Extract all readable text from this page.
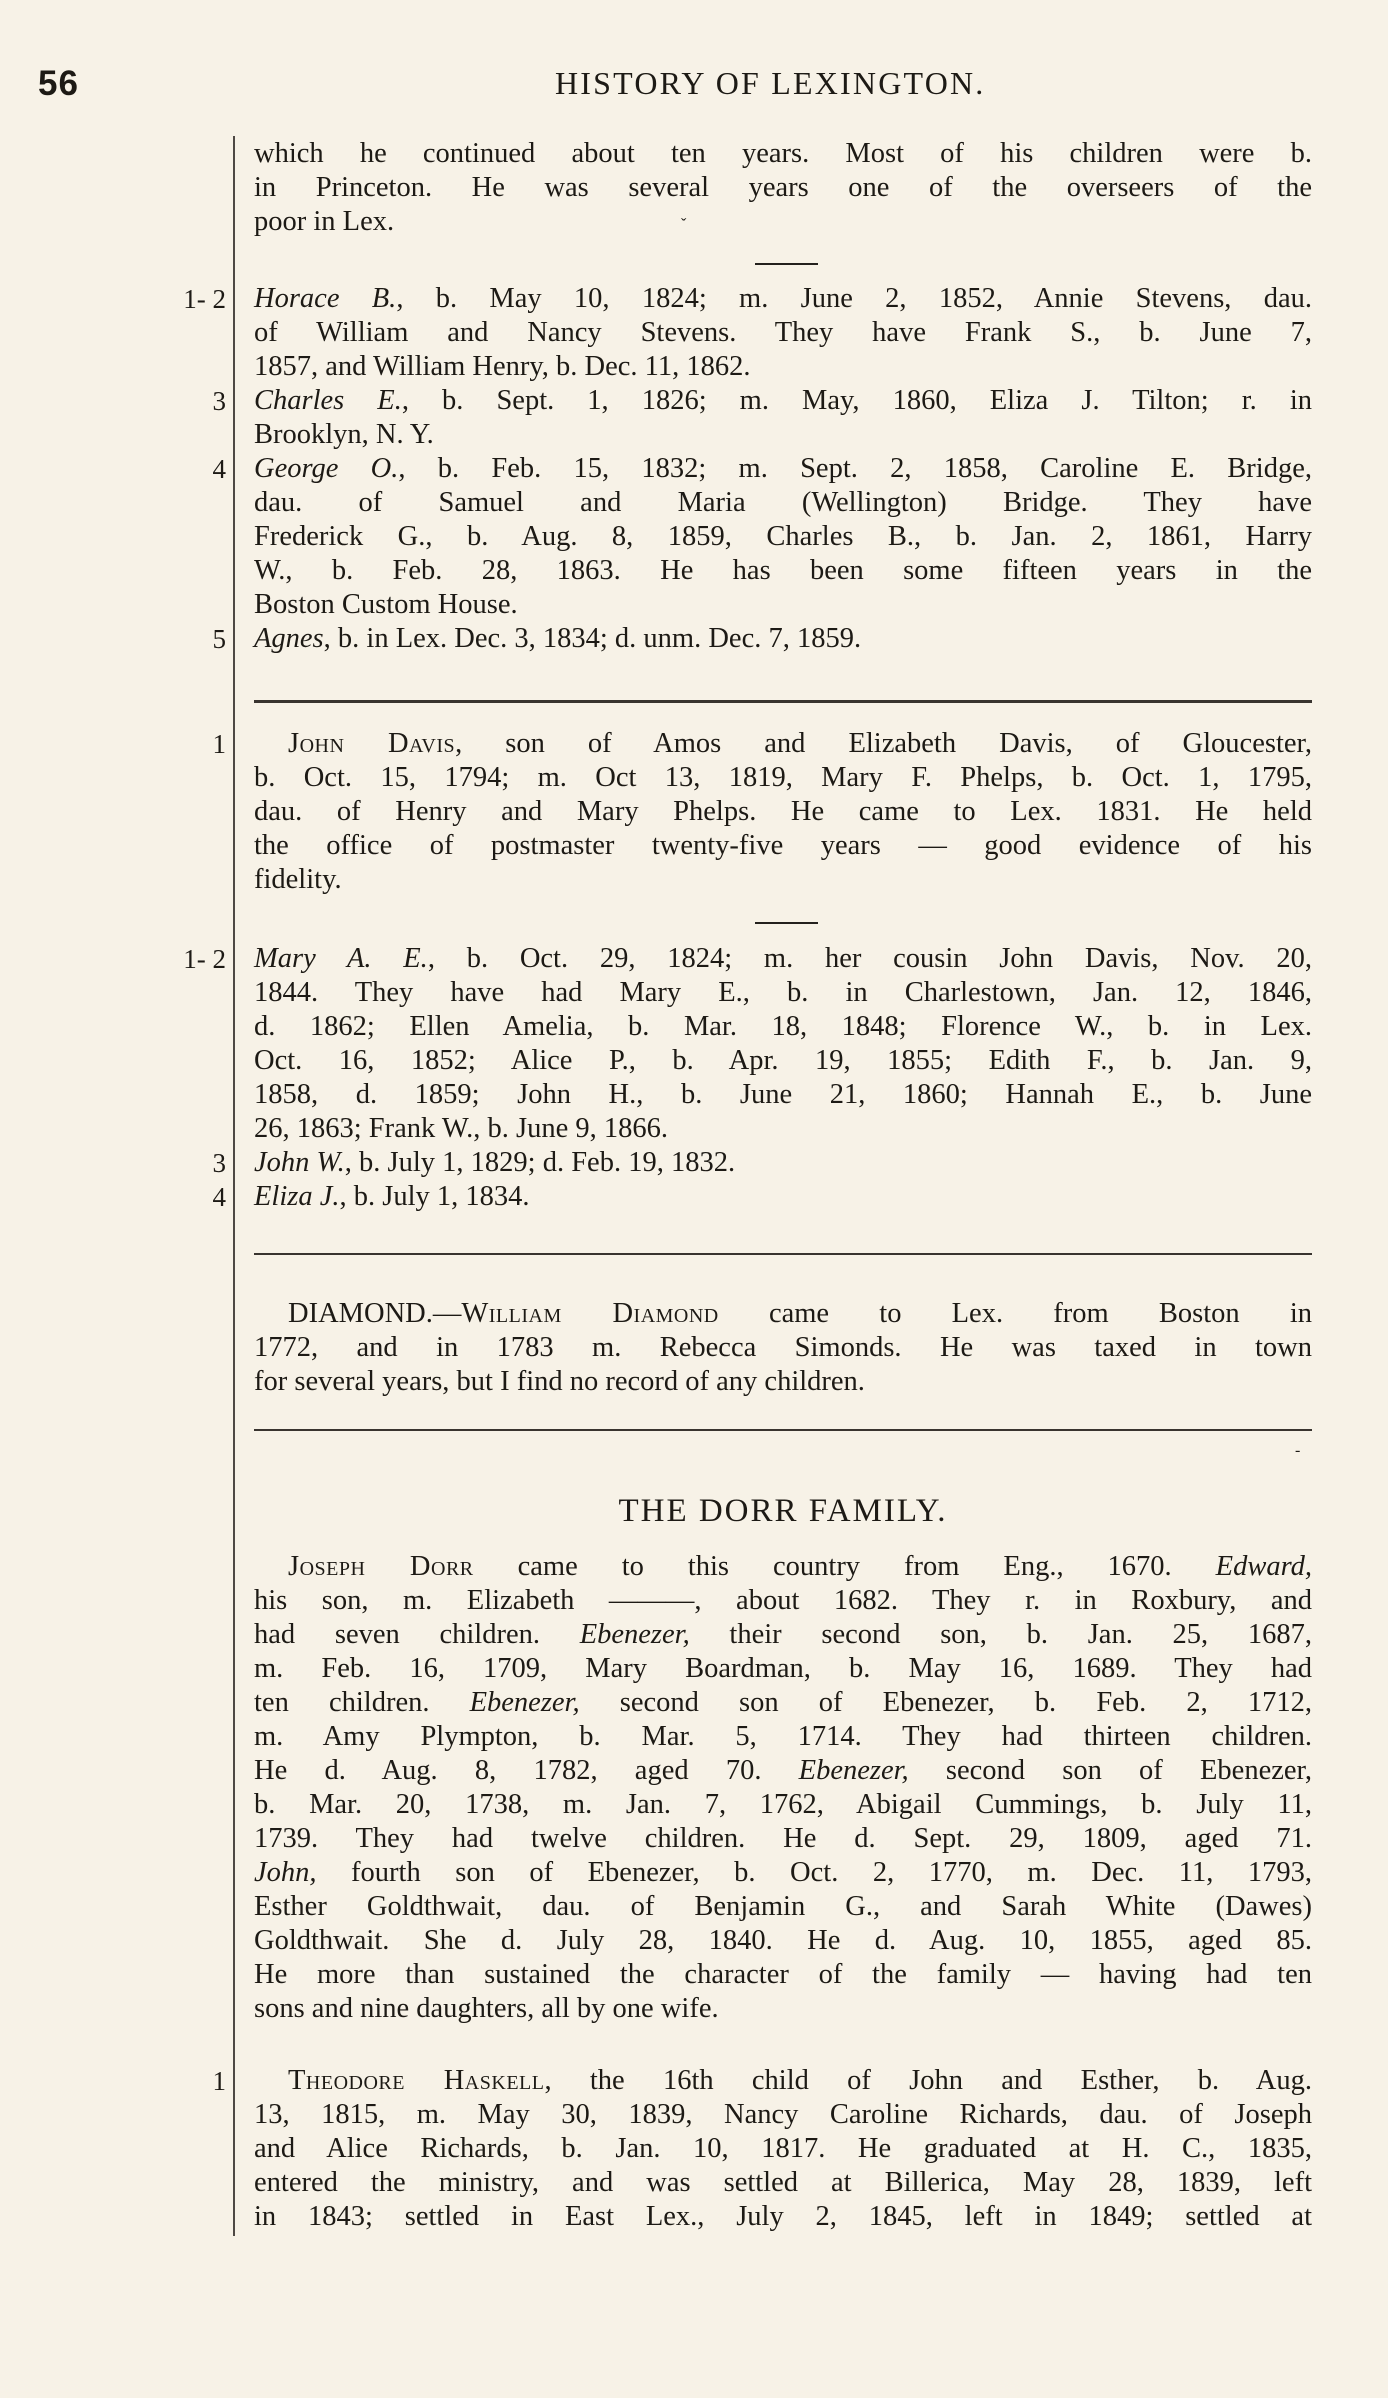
56	HISTORY OF LEXINGTON.
which he continued about ten years. Most of his children were b.
in Princeton. He was several years one of the overseers of the
poor in Lex.	ˇ
1- 2 Horace B., b. May 10, 1824; m. June 2, 1852, Annie Stevens, dau.
of William and Nancy Stevens. They have Frank S., b. June 7,
1857, and William Henry, b. Dec. 11, 1862.
3 Charles E., b. Sept. 1, 1826; m. May, 1860, Eliza J. Tilton; r. in
Brooklyn, N. Y.
4 George O., b. Feb. 15, 1832; m. Sept. 2, 1858, Caroline E. Bridge,
dau. of Samuel and Maria (Wellington) Bridge. They have
Frederick G., b. Aug. 8, 1859, Charles B., b. Jan. 2, 1861, Harry
W., b. Feb. 28, 1863. He has been some fifteen years in the
Boston Custom House.
5 Agnes, b. in Lex. Dec. 3, 1834; d. unm. Dec. 7, 1859.
1 John Davis, son of Amos and Elizabeth Davis, of Gloucester,
b. Oct. 15, 1794; m. Oct 13, 1819, Mary F. Phelps, b. Oct. 1, 1795,
dau. of Henry and Mary Phelps. He came to Lex. 1831. He held
the office of postmaster twenty-five years — good evidence of his
fidelity.
1- 2 Mary A. E., b. Oct. 29, 1824; m. her cousin John Davis, Nov. 20,
1844. They have had Mary E., b. in Charlestown, Jan. 12, 1846,
d. 1862; Ellen Amelia, b. Mar. 18, 1848; Florence W., b. in Lex.
Oct. 16, 1852; Alice P., b. Apr. 19, 1855; Edith F., b. Jan. 9,
1858, d. 1859; John H., b. June 21, 1860; Hannah E., b. June
26, 1863; Frank W., b. June 9, 1866.
3 John W., b. July 1, 1829; d. Feb. 19, 1832.
4 Eliza J., b. July 1, 1834.
DIAMOND.—William Diamond came to Lex. from Boston in
1772, and in 1783 m. Rebecca Simonds. He was taxed in town
for several years, but I find no record of any children.
-
THE DORR FAMILY.
Joseph Dorr came to this country from Eng., 1670. Edward,
his son, m. Elizabeth ———, about 1682. They r. in Roxbury, and
had seven children. Ebenezer, their second son, b. Jan. 25, 1687,
m. Feb. 16, 1709, Mary Boardman, b. May 16, 1689. They had
ten children. Ebenezer, second son of Ebenezer, b. Feb. 2, 1712,
m. Amy Plympton, b. Mar. 5, 1714. They had thirteen children.
He d. Aug. 8, 1782, aged 70. Ebenezer, second son of Ebenezer,
b. Mar. 20, 1738, m. Jan. 7, 1762, Abigail Cummings, b. July 11,
1739. They had twelve children. He d. Sept. 29, 1809, aged 71.
John, fourth son of Ebenezer, b. Oct. 2, 1770, m. Dec. 11, 1793,
Esther Goldthwait, dau. of Benjamin G., and Sarah White (Dawes)
Goldthwait. She d. July 28, 1840. He d. Aug. 10, 1855, aged 85.
He more than sustained the character of the family — having had ten
sons and nine daughters, all by one wife.
1 Theodore Haskell, the 16th child of John and Esther, b. Aug.
13, 1815, m. May 30, 1839, Nancy Caroline Richards, dau. of Joseph
and Alice Richards, b. Jan. 10, 1817. He graduated at H. C., 1835,
entered the ministry, and was settled at Billerica, May 28, 1839, left
in 1843; settled in East Lex., July 2, 1845, left in 1849; settled at
